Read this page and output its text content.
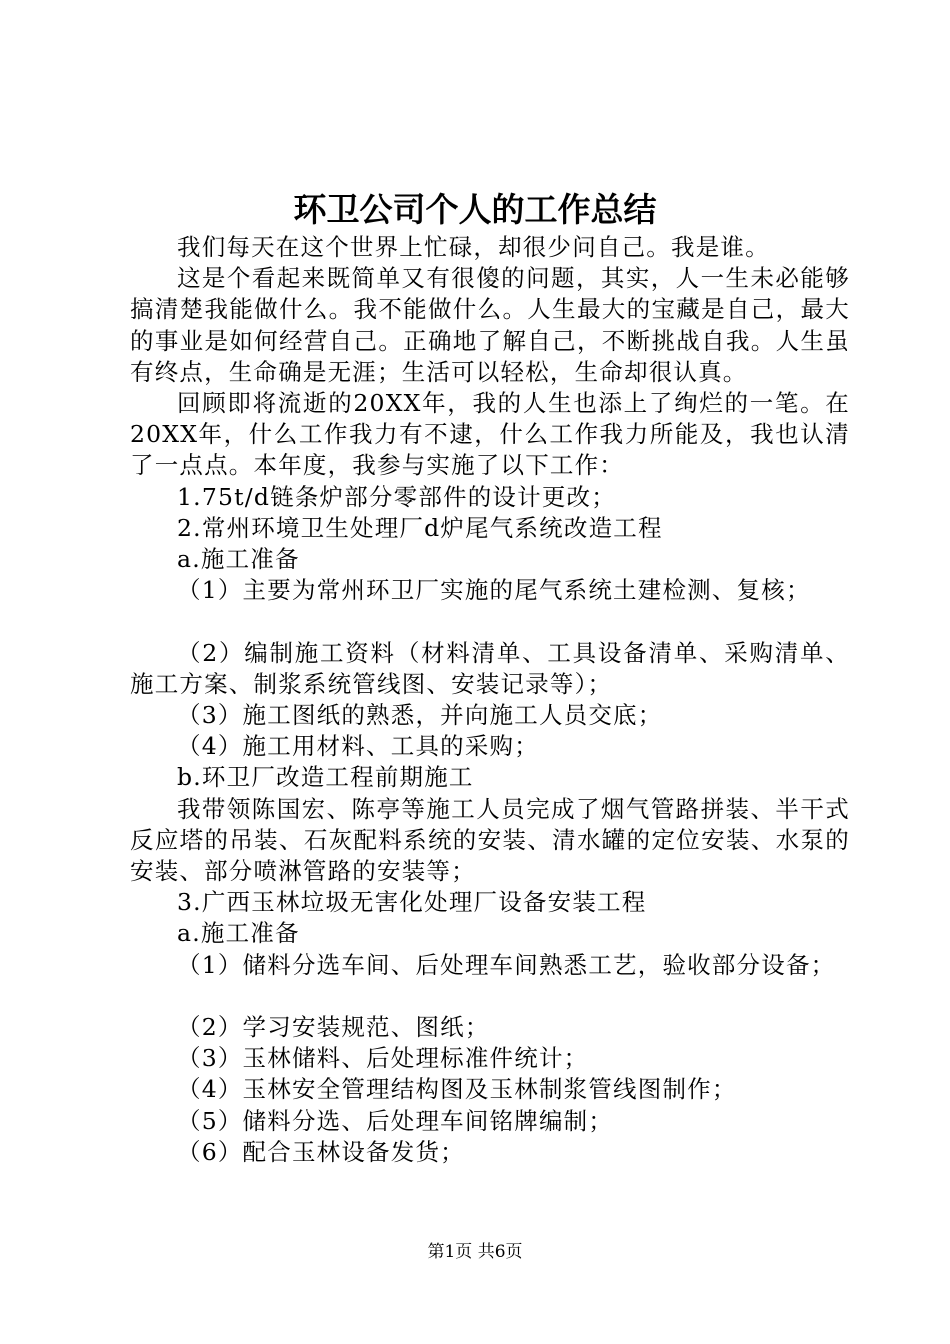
环卫公司个人的工作总结

我们每天在这个世界上忙碌，却很少问自己。我是谁。

这是个看起来既简单又有很傻的问题，其实，人一生未必能够搞清楚我能做什么。我不能做什么。人生最大的宝藏是自己，最大的事业是如何经营自己。正确地了解自己，不断挑战自我。人生虽有终点，生命确是无涯；生活可以轻松，生命却很认真。

回顾即将流逝的20XX年，我的人生也添上了绚烂的一笔。在20XX年，什么工作我力有不逮，什么工作我力所能及，我也认清了一点点。本年度，我参与实施了以下工作：

1.75t/d链条炉部分零部件的设计更改；

2.常州环境卫生处理厂d炉尾气系统改造工程

a.施工准备

（1）主要为常州环卫厂实施的尾气系统土建检测、复核；

（2）编制施工资料（材料清单、工具设备清单、采购清单、施工方案、制浆系统管线图、安装记录等）；

（3）施工图纸的熟悉，并向施工人员交底；

（4）施工用材料、工具的采购；

b.环卫厂改造工程前期施工

我带领陈国宏、陈亭等施工人员完成了烟气管路拼装、半干式反应塔的吊装、石灰配料系统的安装、清水罐的定位安装、水泵的安装、部分喷淋管路的安装等；

3.广西玉林垃圾无害化处理厂设备安装工程

a.施工准备

（1）储料分选车间、后处理车间熟悉工艺，验收部分设备；

（2）学习安装规范、图纸；

（3）玉林储料、后处理标准件统计；

（4）玉林安全管理结构图及玉林制浆管线图制作；

（5）储料分选、后处理车间铭牌编制；

（6）配合玉林设备发货；

第1页 共6页
